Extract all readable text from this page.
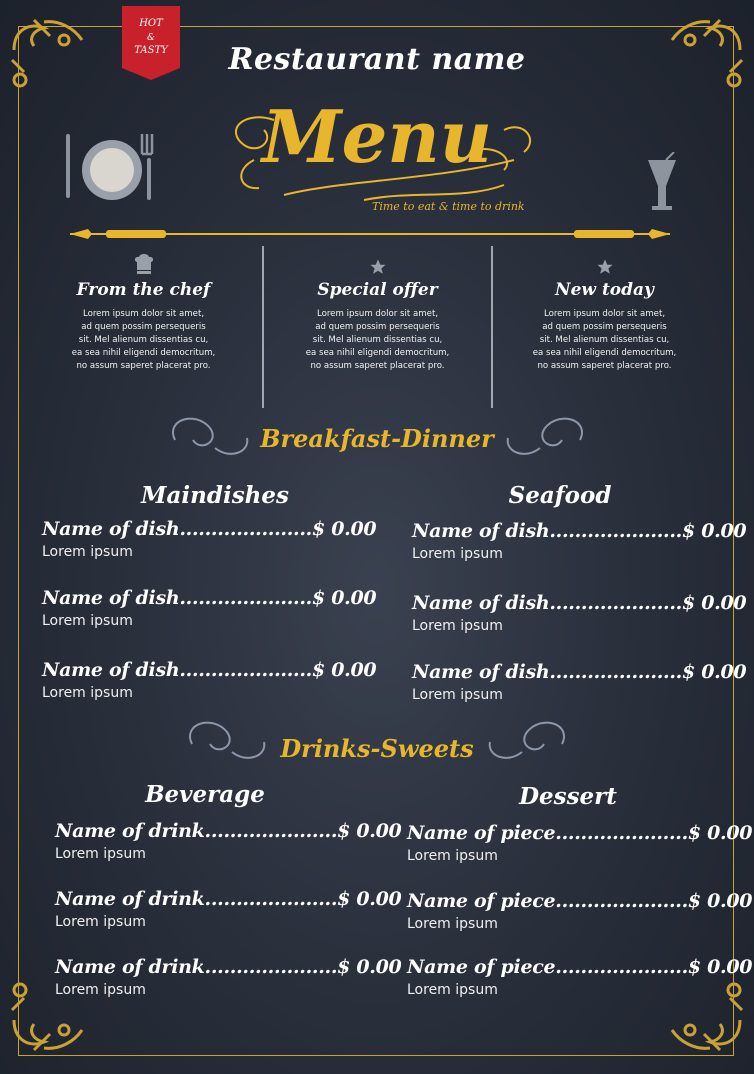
HOT
&
TASTY	Restaurant name
Menu
Time to eat & time to drink
From the chef

Lorem ipsum dolor sit amet,
ad quem possim persequeris
sit. Mel alienum dissentias cu,
ea sea nihil eligendi democritum,
no assum saperet placerat pro.

Special offer

Lorem ipsum dolor sit amet,
ad quem possim persequeris
sit. Mel alienum dissentias cu,
ea sea nihil eligendi democritum,
no assum saperet placerat pro.

New today

Lorem ipsum dolor sit amet,
ad quem possim persequeris
sit. Mel alienum dissentias cu,
ea sea nihil eligendi democritum,
no assum saperet placerat pro.

Breakfast-Dinner
Maindishes	Seafood
Name of dish.....................$ 0.00
Lorem ipsum
Name of dish.....................$ 0.00
Lorem ipsum
Name of dish.....................$ 0.00
Lorem ipsum
Name of dish.....................$ 0.00
Lorem ipsum
Name of dish.....................$ 0.00
Lorem ipsum
Name of dish.....................$ 0.00
Lorem ipsum
Drinks-Sweets
Beverage	Dessert
Name of drink.....................$ 0.00
Lorem ipsum
Name of drink.....................$ 0.00
Lorem ipsum
Name of drink.....................$ 0.00
Lorem ipsum
Name of piece.....................$ 0.00
Lorem ipsum
Name of piece.....................$ 0.00
Lorem ipsum
Name of piece.....................$ 0.00
Lorem ipsum
